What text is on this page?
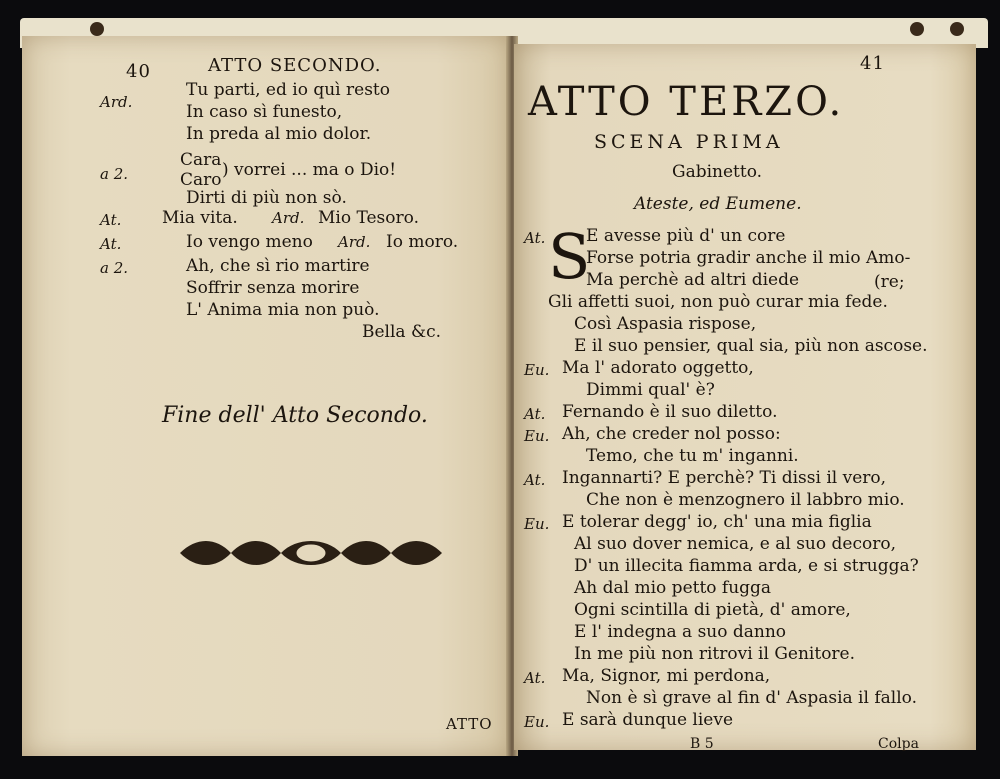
40	ATTO SECONDO.
Ard.
Tu parti, ed io quì resto
In caso sì funesto,
In preda al mio dolor.
Cara
a 2.	) vorrei ... ma o Dio!
Caro
Dirti di più non sò.
At. Mia vita. Ard. Mio Tesoro.
At.	Io vengo meno Ard. Io moro.
a 2.	Ah, che sì rio martire
Soffrir senza morire
L' Anima mia non può.
Bella &c.
Fine dell' Atto Secondo.
ATTO
41
ATTO TERZO.
SCENA PRIMA
Gabinetto.
Ateste, ed Eumene.
S
At. E avesse più d' un core
Forse potria gradir anche il mio Amo-
Ma perchè ad altri diede	(re;
Gli affetti suoi, non può curar mia fede.
Così Aspasia rispose,
E il suo pensier, qual sia, più non ascose.
Eu. Ma l' adorato oggetto,
Dimmi qual' è?
At. Fernando è il suo diletto.
Eu. Ah, che creder nol posso:
Temo, che tu m' inganni.
At. Ingannarti? E perchè? Ti dissi il vero,
Che non è menzognero il labbro mio.
Eu. E tolerar degg' io, ch' una mia figlia
Al suo dover nemica, e al suo decoro,
D' un illecita fiamma arda, e si strugga?
Ah dal mio petto fugga
Ogni scintilla di pietà, d' amore,
E l' indegna a suo danno
In me più non ritrovi il Genitore.
At. Ma, Signor, mi perdona,
Non è sì grave al fin d' Aspasia il fallo.
Eu. E sarà dunque lieve
B 5	Colpa
